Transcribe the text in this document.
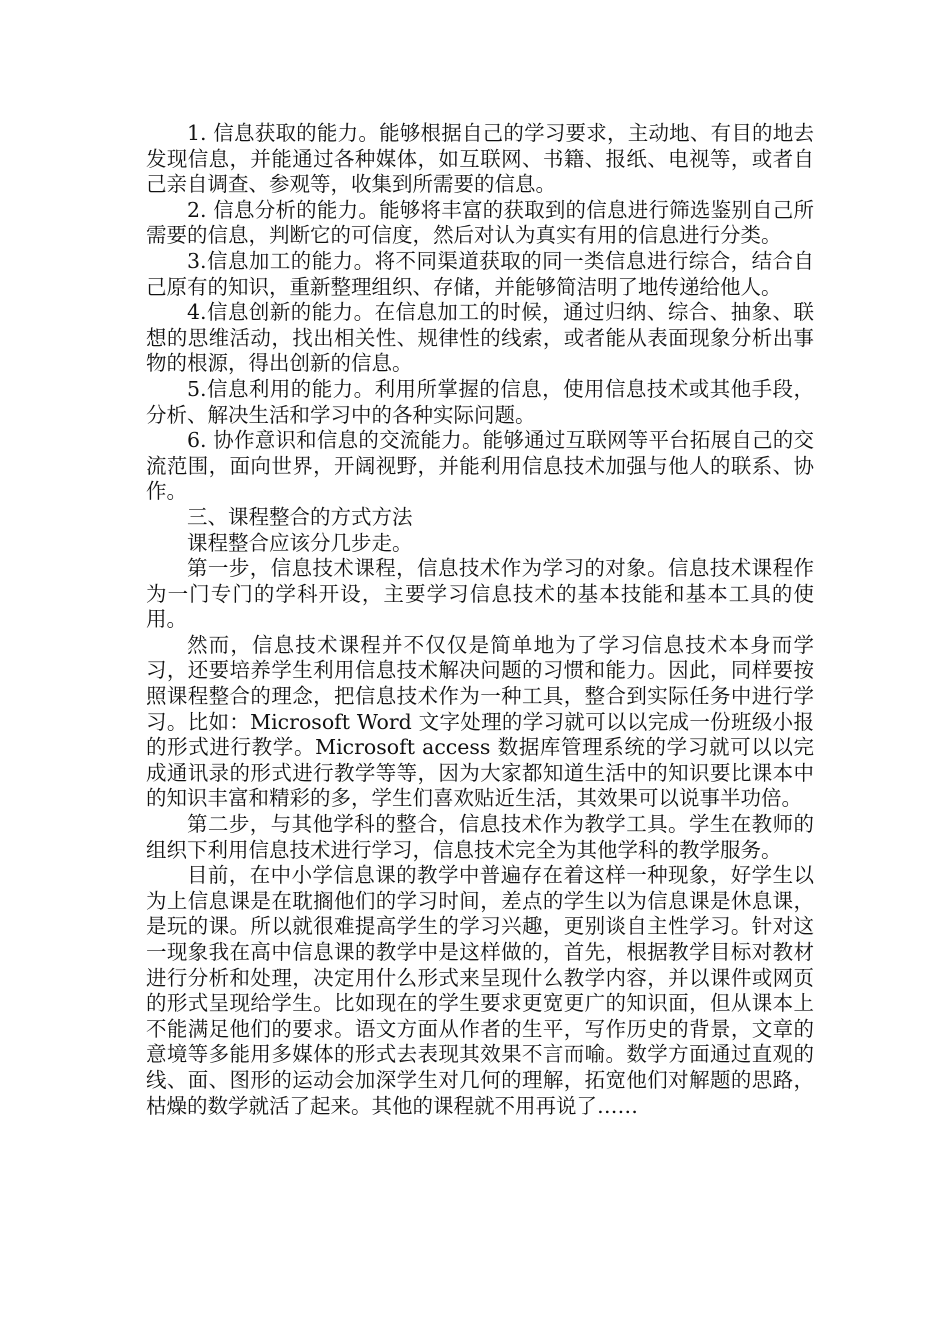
1. 信息获取的能力。能够根据自己的学习要求，主动地、有目的地去发现信息，并能通过各种媒体，如互联网、书籍、报纸、电视等，或者自己亲自调查、参观等，收集到所需要的信息。

2. 信息分析的能力。能够将丰富的获取到的信息进行筛选鉴别自己所需要的信息，判断它的可信度，然后对认为真实有用的信息进行分类。

3.信息加工的能力。将不同渠道获取的同一类信息进行综合，结合自己原有的知识，重新整理组织、存储，并能够简洁明了地传递给他人。

4.信息创新的能力。在信息加工的时候，通过归纳、综合、抽象、联想的思维活动，找出相关性、规律性的线索，或者能从表面现象分析出事物的根源，得出创新的信息。

5.信息利用的能力。利用所掌握的信息，使用信息技术或其他手段，分析、解决生活和学习中的各种实际问题。

6. 协作意识和信息的交流能力。能够通过互联网等平台拓展自己的交流范围，面向世界，开阔视野，并能利用信息技术加强与他人的联系、协作。

三、课程整合的方式方法

课程整合应该分几步走。

第一步，信息技术课程，信息技术作为学习的对象。信息技术课程作为一门专门的学科开设，主要学习信息技术的基本技能和基本工具的使用。

然而，信息技术课程并不仅仅是简单地为了学习信息技术本身而学习，还要培养学生利用信息技术解决问题的习惯和能力。因此，同样要按照课程整合的理念，把信息技术作为一种工具，整合到实际任务中进行学习。比如：Microsoft Word 文字处理的学习就可以以完成一份班级小报的形式进行教学。Microsoft access 数据库管理系统的学习就可以以完成通讯录的形式进行教学等等，因为大家都知道生活中的知识要比课本中的知识丰富和精彩的多，学生们喜欢贴近生活，其效果可以说事半功倍。

第二步，与其他学科的整合，信息技术作为教学工具。学生在教师的组织下利用信息技术进行学习，信息技术完全为其他学科的教学服务。

目前，在中小学信息课的教学中普遍存在着这样一种现象，好学生以为上信息课是在耽搁他们的学习时间，差点的学生以为信息课是休息课，是玩的课。所以就很难提高学生的学习兴趣，更别谈自主性学习。针对这一现象我在高中信息课的教学中是这样做的，首先，根据教学目标对教材进行分析和处理，决定用什么形式来呈现什么教学内容，并以课件或网页的形式呈现给学生。比如现在的学生要求更宽更广的知识面，但从课本上不能满足他们的要求。语文方面从作者的生平，写作历史的背景，文章的意境等多能用多媒体的形式去表现其效果不言而喻。数学方面通过直观的线、面、图形的运动会加深学生对几何的理解，拓宽他们对解题的思路，枯燥的数学就活了起来。其他的课程就不用再说了……
